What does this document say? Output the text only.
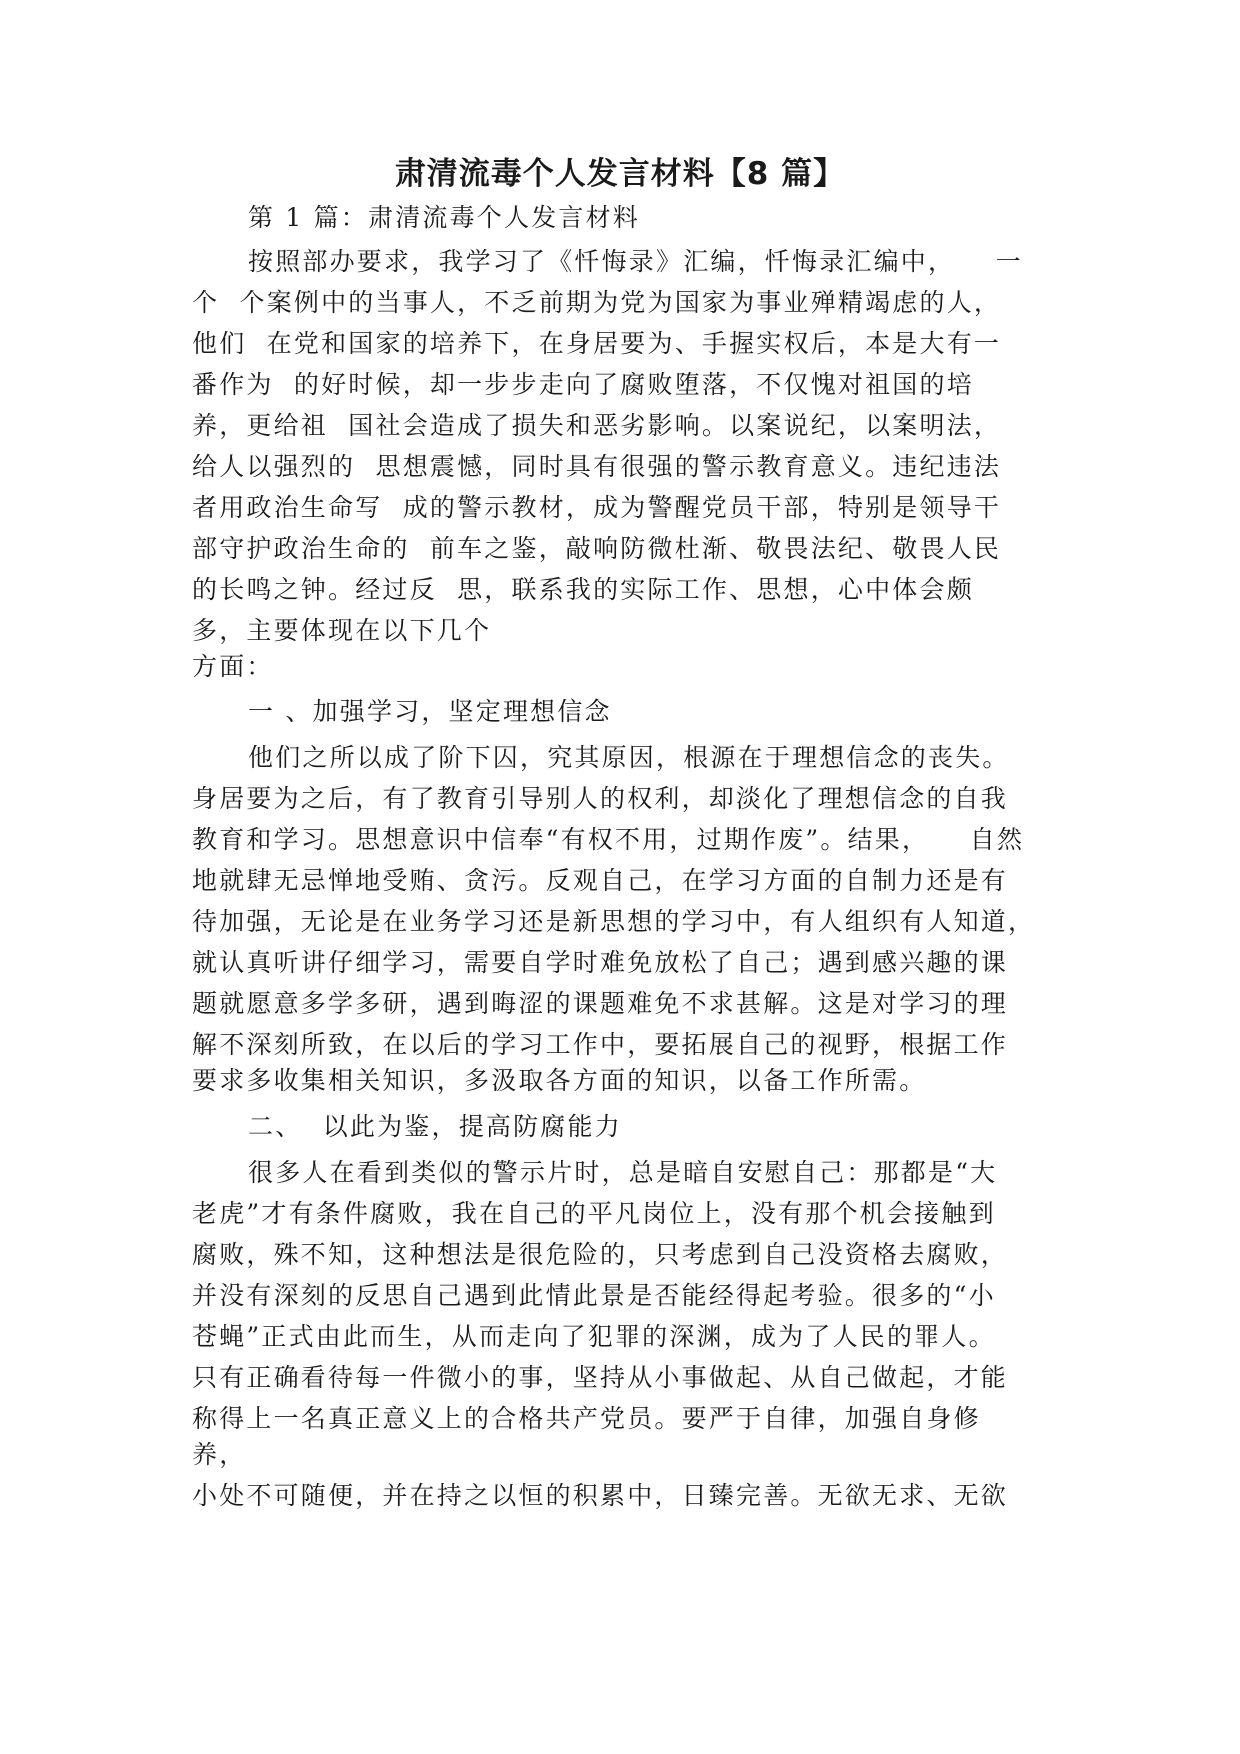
肃清流毒个人发言材料【8 篇】

第 1 篇：肃清流毒个人发言材料

按照部办要求，我学习了《忏悔录》汇编，忏悔录汇编中，    一

个  个案例中的当事人，不乏前期为党为国家为事业殚精竭虑的人，

他们  在党和国家的培养下，在身居要为、手握实权后，本是大有一

番作为  的好时候，却一步步走向了腐败堕落，不仅愧对祖国的培

养，更给祖  国社会造成了损失和恶劣影响。以案说纪，以案明法，

给人以强烈的  思想震憾，同时具有很强的警示教育意义。违纪违法

者用政治生命写  成的警示教材，成为警醒党员干部，特别是领导干

部守护政治生命的  前车之鉴，敲响防微杜渐、敬畏法纪、敬畏人民

的长鸣之钟。经过反  思，联系我的实际工作、思想，心中体会颇

多，主要体现在以下几个

方面：

一 、加强学习，坚定理想信念

他们之所以成了阶下囚，究其原因，根源在于理想信念的丧失。

身居要为之后，有了教育引导别人的权利，却淡化了理想信念的自我

教育和学习。思想意识中信奉“有权不用，过期作废”。结果，    自然

地就肆无忌惮地受贿、贪污。反观自己，在学习方面的自制力还是有

待加强，无论是在业务学习还是新思想的学习中，有人组织有人知道，

就认真听讲仔细学习，需要自学时难免放松了自己；遇到感兴趣的课

题就愿意多学多研，遇到晦涩的课题难免不求甚解。这是对学习的理

解不深刻所致，在以后的学习工作中，要拓展自己的视野，根据工作

要求多收集相关知识，多汲取各方面的知识，以备工作所需。

二、  以此为鉴，提高防腐能力

很多人在看到类似的警示片时，总是暗自安慰自己：那都是“大

老虎”才有条件腐败，我在自己的平凡岗位上，没有那个机会接触到

腐败，殊不知，这种想法是很危险的，只考虑到自己没资格去腐败，

并没有深刻的反思自己遇到此情此景是否能经得起考验。很多的“小

苍蝇”正式由此而生，从而走向了犯罪的深渊，成为了人民的罪人。

只有正确看待每一件微小的事，坚持从小事做起、从自己做起，才能

称得上一名真正意义上的合格共产党员。要严于自律，加强自身修

养，

小处不可随便，并在持之以恒的积累中，日臻完善。无欲无求、无欲
